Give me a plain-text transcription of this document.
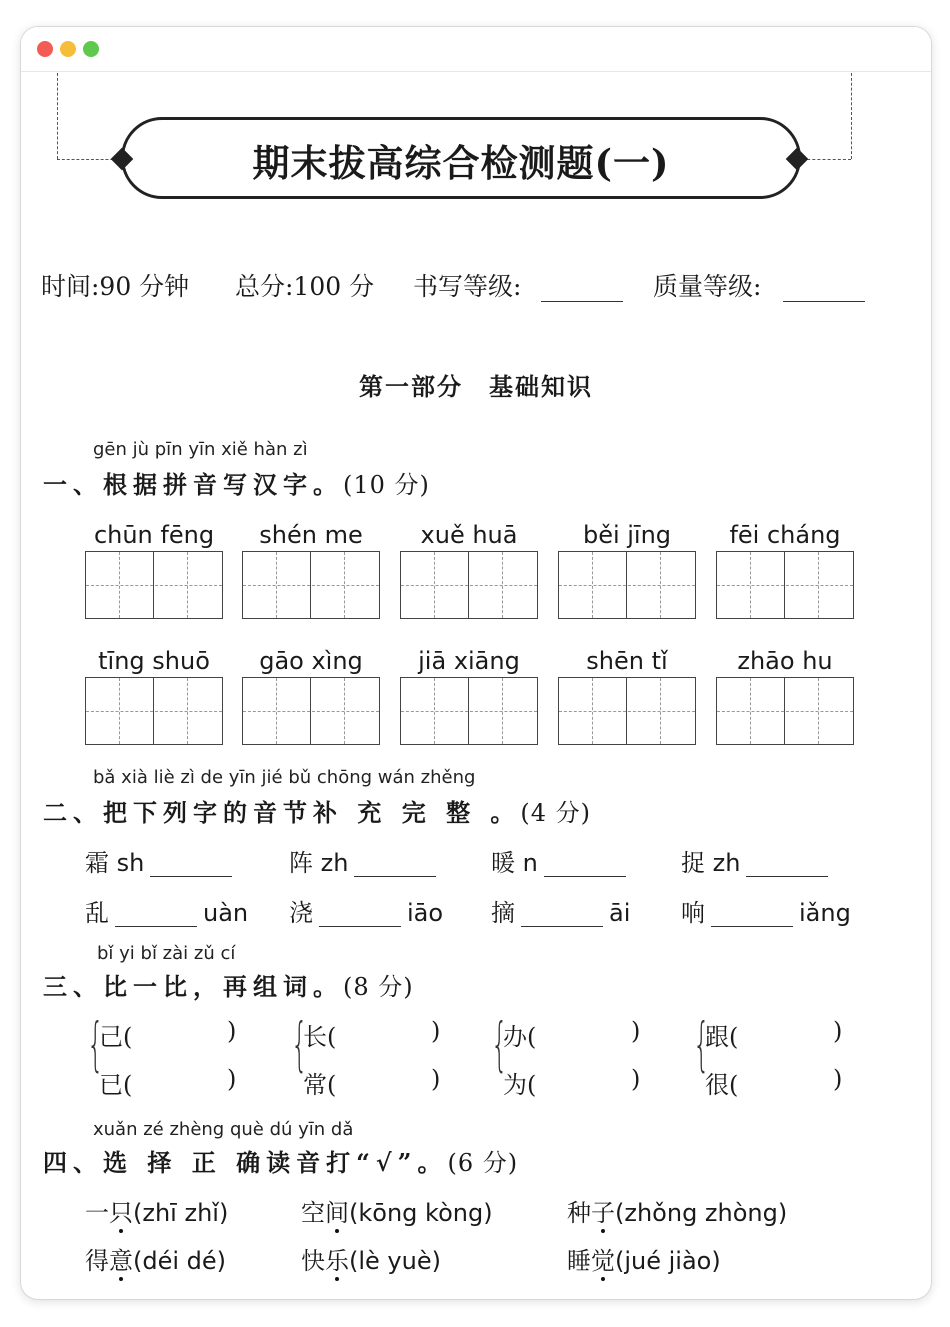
期末拔高综合检测题(一)
时间:90 分钟 总分:100 分 书写等级:	质量等级:
第一部分　基础知识
gēn jù pīn yīn xiě hàn zì
一、根据拼音写汉字。(10 分)
chūn fēng	shén me	xuě huā	běi jīng	fēi cháng
tīng shuō	gāo xìng	jiā xiāng	shēn tǐ	zhāo hu
bǎ xià liè zì de yīn jié bǔ chōng wán zhěng
二、把下列字的音节补 充 完 整 。(4 分)
霜 sh	阵 zh	暖 n	捉 zh
乱	uàn 浇	iāo 摘	āi 响	iǎng
bǐ yi bǐ zài zǔ cí
三、比一比，再组词。(8 分)
{
己(	)
已(	)
{
长(	)
常(	)
{
办(	)
为(	)
{
跟(	)
很(	)
xuǎn zé zhèng què dú yīn dǎ
四、选 择 正 确读音打“√”。(6 分)
一只(zhī zhǐ)	空间(kōng kòng)	种子(zhǒng zhòng)
得意(déi dé)	快乐(lè yuè)	睡觉(jué jiào)
